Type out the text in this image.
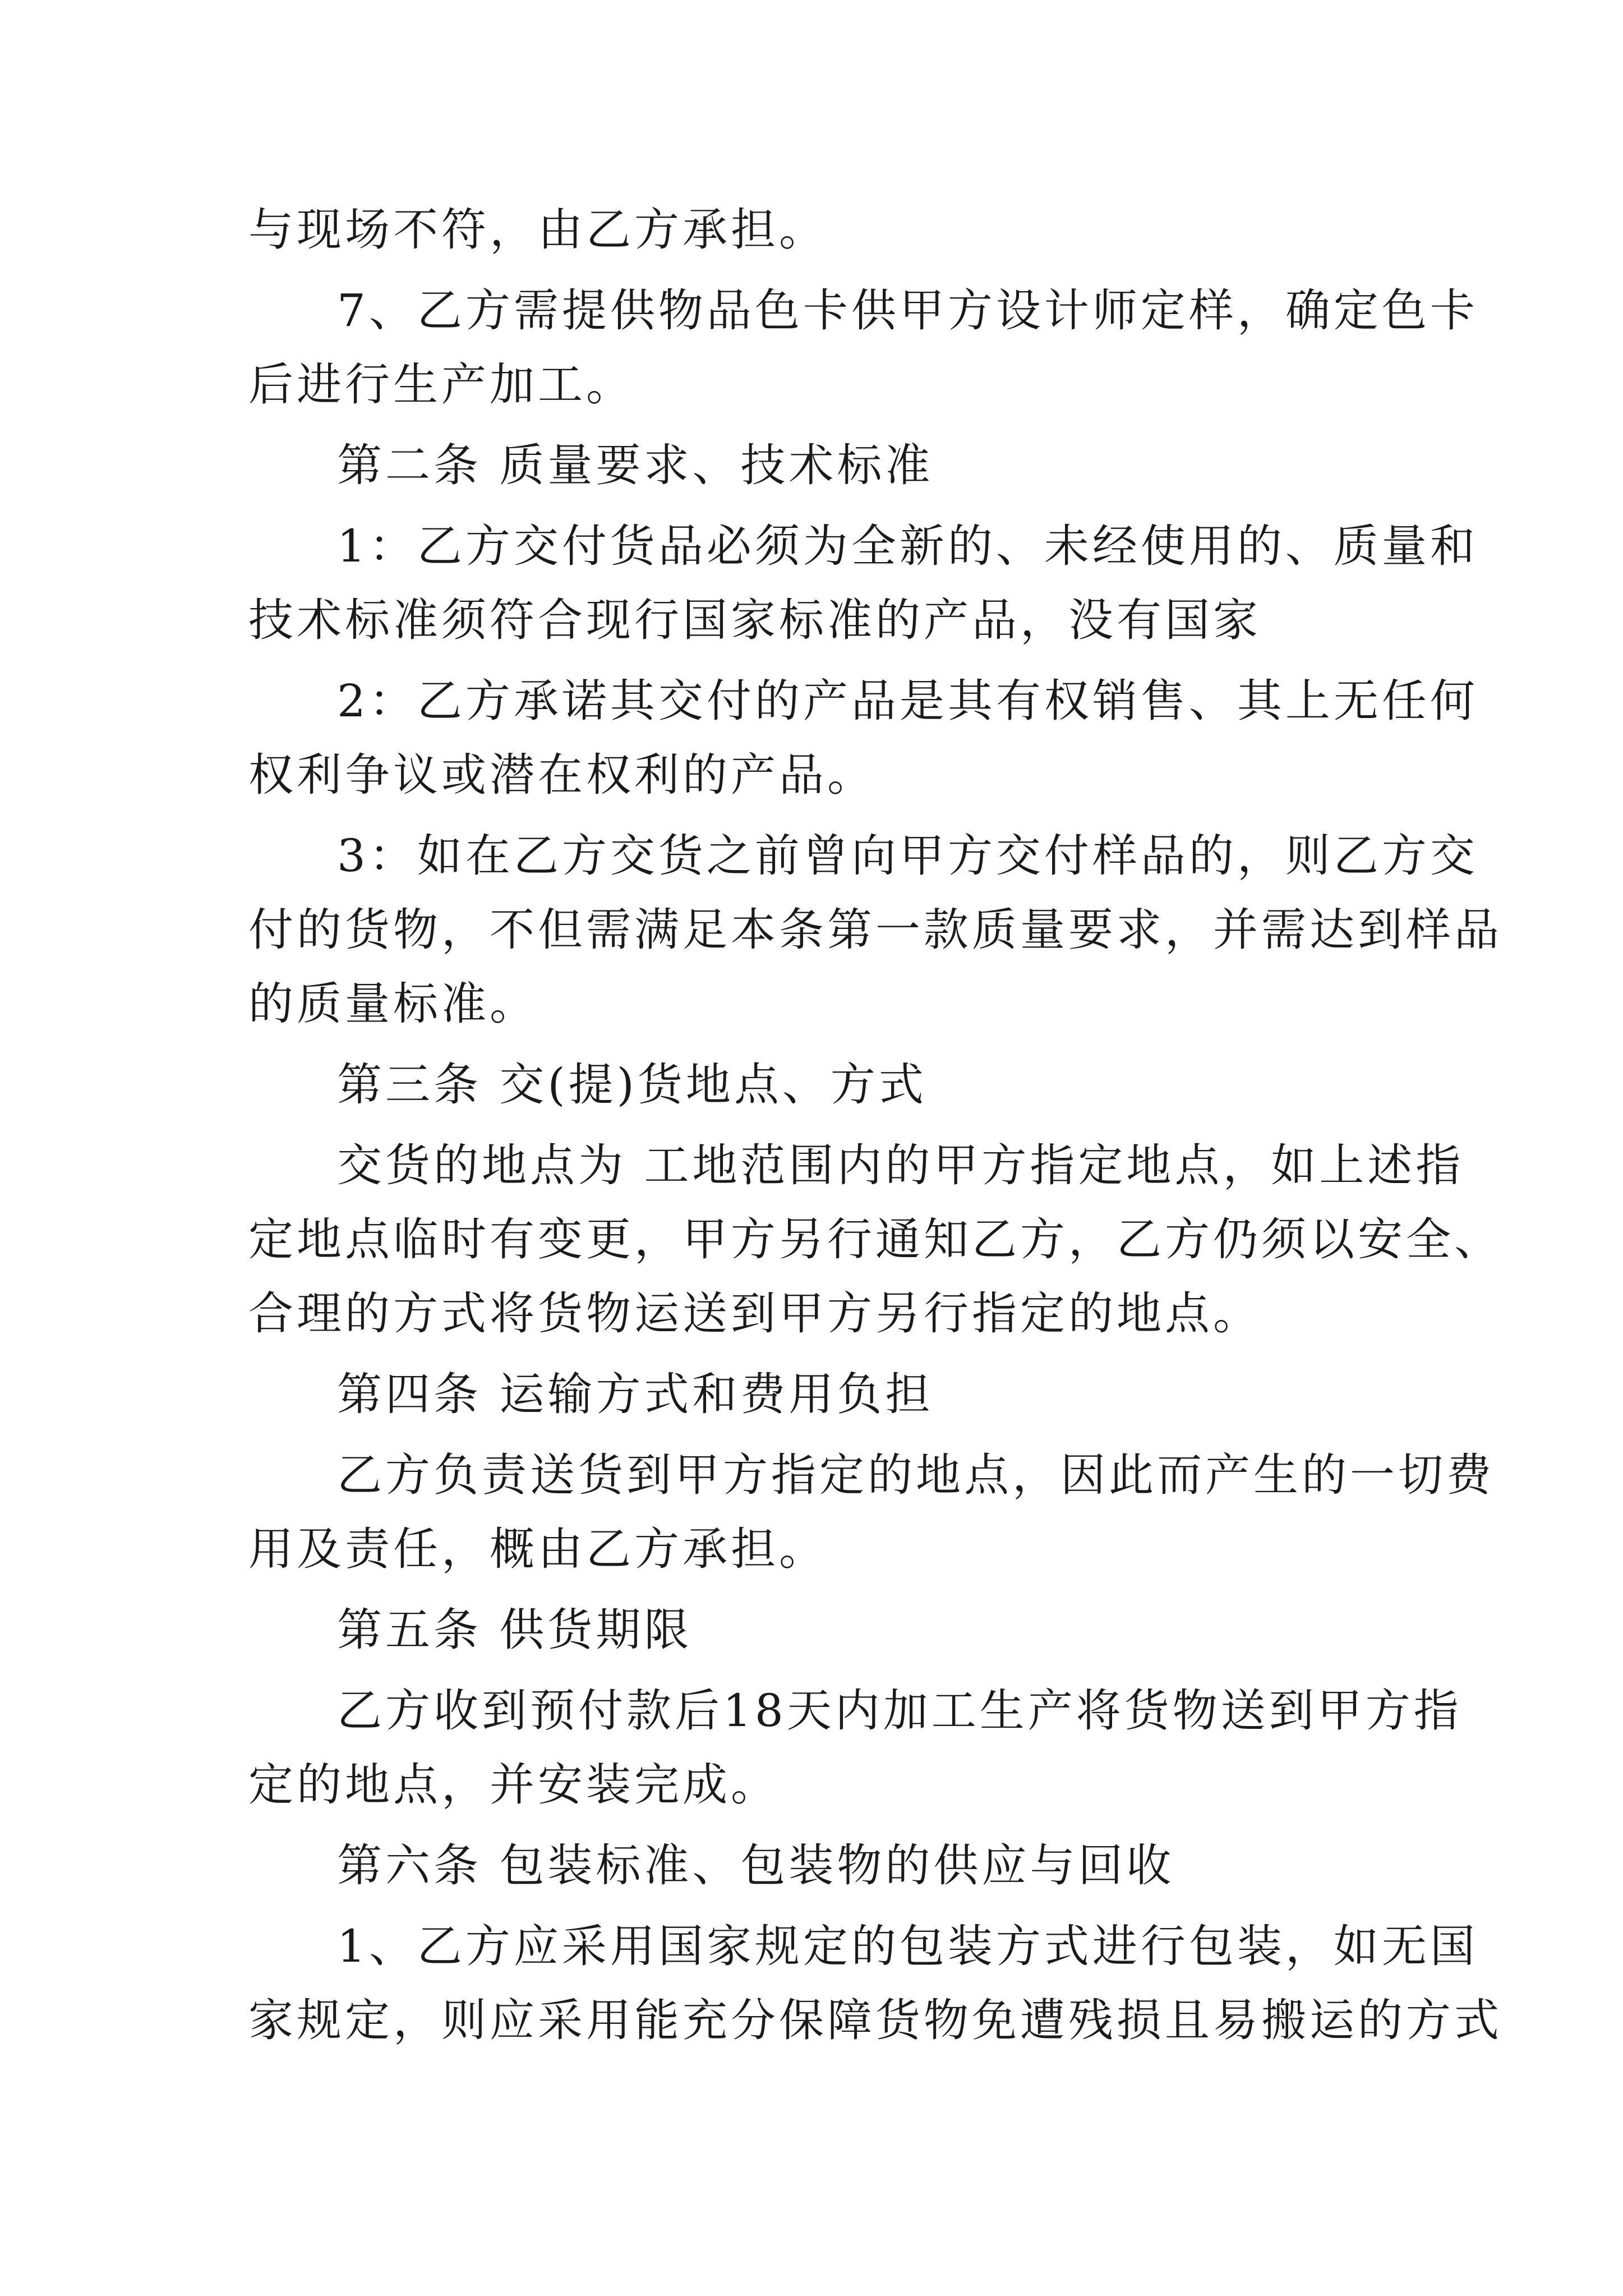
与现场不符，由乙方承担。
7、乙方需提供物品色卡供甲方设计师定样，确定色卡
后进行生产加工。
第二条 质量要求、技术标准
1：乙方交付货品必须为全新的、未经使用的、质量和
技术标准须符合现行国家标准的产品，没有国家
2：乙方承诺其交付的产品是其有权销售、其上无任何
权利争议或潜在权利的产品。
3：如在乙方交货之前曾向甲方交付样品的，则乙方交
付的货物，不但需满足本条第一款质量要求，并需达到样品
的质量标准。
第三条 交(提)货地点、方式
交货的地点为 工地范围内的甲方指定地点，如上述指
定地点临时有变更，甲方另行通知乙方，乙方仍须以安全、
合理的方式将货物运送到甲方另行指定的地点。
第四条 运输方式和费用负担
乙方负责送货到甲方指定的地点，因此而产生的一切费
用及责任，概由乙方承担。
第五条 供货期限
乙方收到预付款后18天内加工生产将货物送到甲方指
定的地点，并安装完成。
第六条 包装标准、包装物的供应与回收
1、乙方应采用国家规定的包装方式进行包装，如无国
家规定，则应采用能充分保障货物免遭残损且易搬运的方式
